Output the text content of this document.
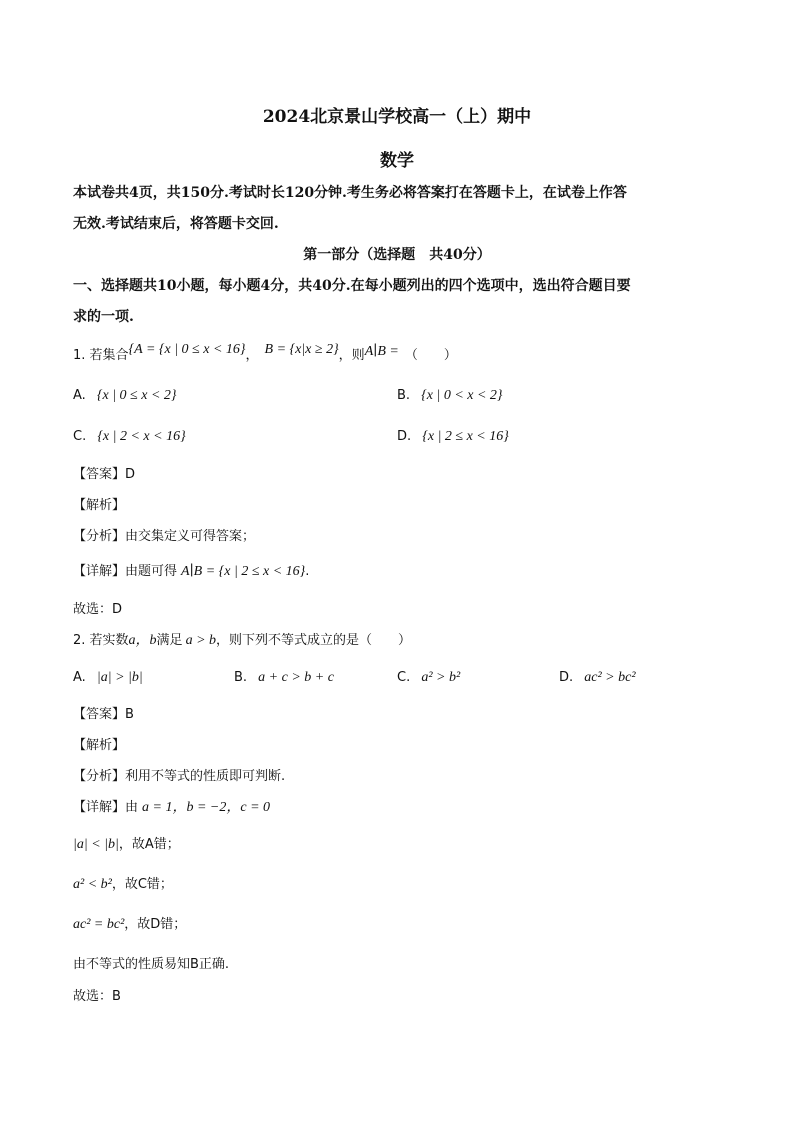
2024北京景山学校高一（上）期中
数学
本试卷共4页，共150分.考试时长120分钟.考生务必将答案打在答题卡上，在试卷上作答
无效.考试结束后，将答题卡交回.
第一部分（选择题　共40分）
一、选择题共10小题，每小题4分，共40分.在每小题列出的四个选项中，选出符合题目要
求的一项.
1. 若集合{A = {x | 0 ≤ x < 16}， B = {x|x ≥ 2}，则A∣B = （　　）
A. {x | 0 ≤ x < 2}	B. {x | 0 < x < 2}
C. {x | 2 < x < 16}	D. {x | 2 ≤ x < 16}
【答案】D
【解析】
【分析】由交集定义可得答案；
【详解】由题可得 A∣B = {x | 2 ≤ x < 16}.
故选：D
2. 若实数a，b满足 a > b，则下列不等式成立的是（　　）
A. |a| > |b|	B. a + c > b + c	C. a² > b²	D. ac² > bc²
【答案】B
【解析】
【分析】利用不等式的性质即可判断.
【详解】由 a = 1，b = −2，c = 0
|a| < |b|，故A错；
a² < b²，故C错；
ac² = bc²，故D错；
由不等式的性质易知B正确.
故选：B
